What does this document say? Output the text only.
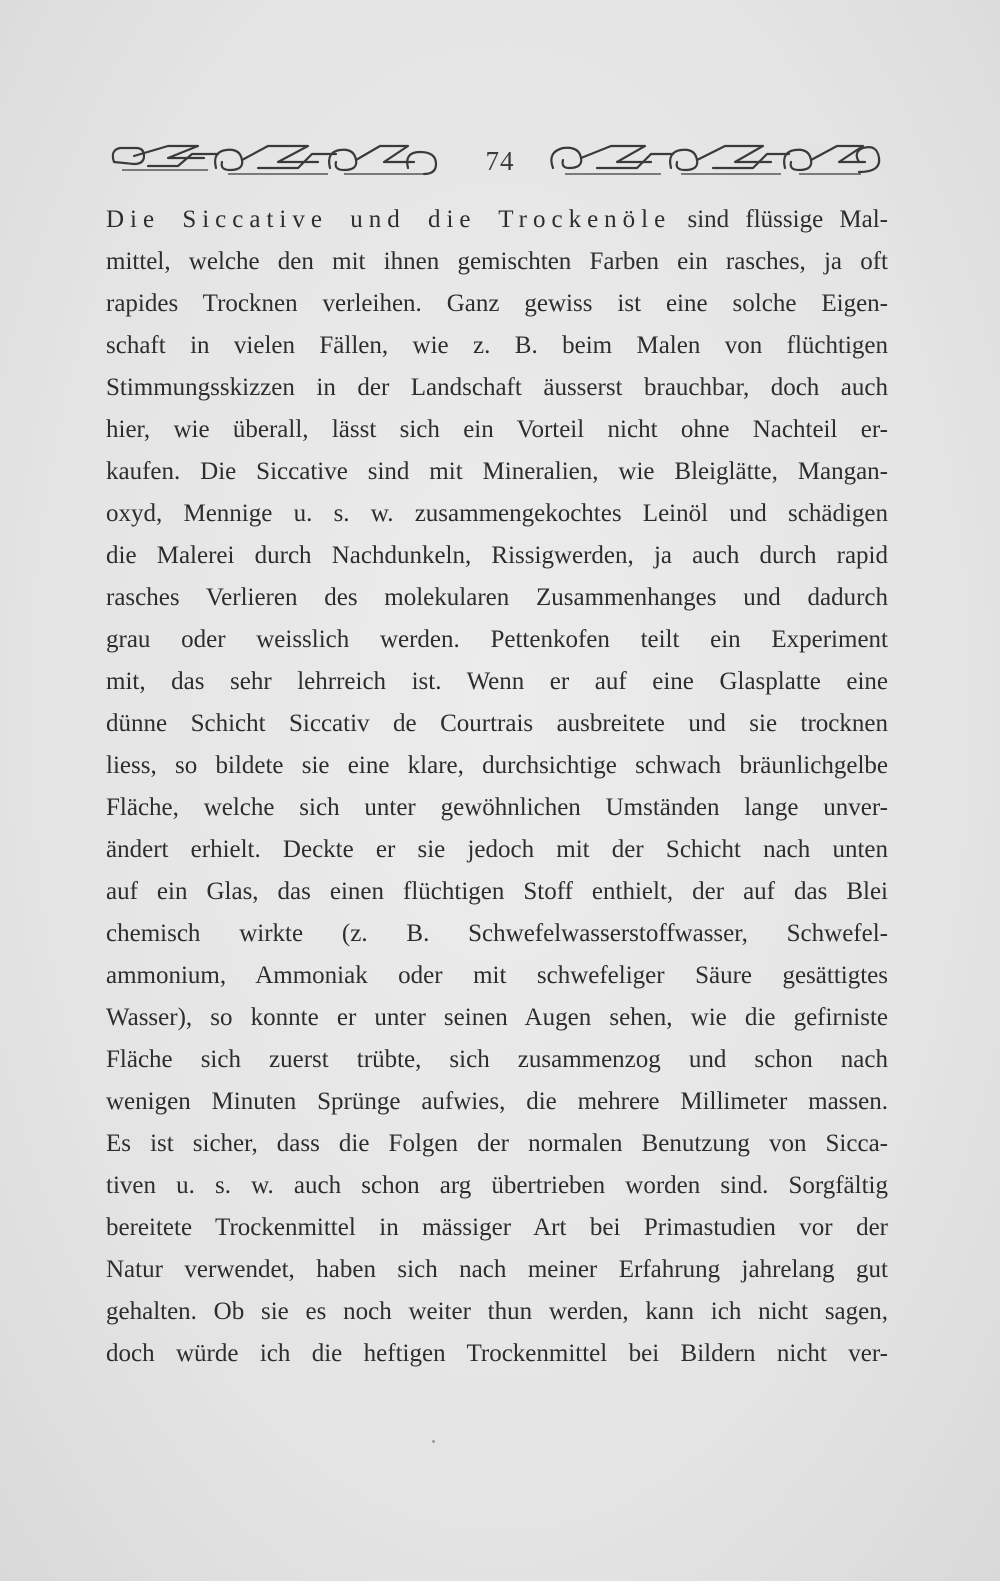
74
Die Siccative und die Trockenöle sind flüssige Mal-
mittel, welche den mit ihnen gemischten Farben ein rasches, ja oft
rapides Trocknen verleihen. Ganz gewiss ist eine solche Eigen-
schaft in vielen Fällen, wie z. B. beim Malen von flüchtigen
Stimmungsskizzen in der Landschaft äusserst brauchbar, doch auch
hier, wie überall, lässt sich ein Vorteil nicht ohne Nachteil er-
kaufen. Die Siccative sind mit Mineralien, wie Bleiglätte, Mangan-
oxyd, Mennige u. s. w. zusammengekochtes Leinöl und schädigen
die Malerei durch Nachdunkeln, Rissigwerden, ja auch durch rapid
rasches Verlieren des molekularen Zusammenhanges und dadurch
grau oder weisslich werden. Pettenkofen teilt ein Experiment
mit, das sehr lehrreich ist. Wenn er auf eine Glasplatte eine
dünne Schicht Siccativ de Courtrais ausbreitete und sie trocknen
liess, so bildete sie eine klare, durchsichtige schwach bräunlichgelbe
Fläche, welche sich unter gewöhnlichen Umständen lange unver-
ändert erhielt. Deckte er sie jedoch mit der Schicht nach unten
auf ein Glas, das einen flüchtigen Stoff enthielt, der auf das Blei
chemisch wirkte (z. B. Schwefelwasserstoffwasser, Schwefel-
ammonium, Ammoniak oder mit schwefeliger Säure gesättigtes
Wasser), so konnte er unter seinen Augen sehen, wie die gefirniste
Fläche sich zuerst trübte, sich zusammenzog und schon nach
wenigen Minuten Sprünge aufwies, die mehrere Millimeter massen.
Es ist sicher, dass die Folgen der normalen Benutzung von Sicca-
tiven u. s. w. auch schon arg übertrieben worden sind. Sorgfältig
bereitete Trockenmittel in mässiger Art bei Primastudien vor der
Natur verwendet, haben sich nach meiner Erfahrung jahrelang gut
gehalten. Ob sie es noch weiter thun werden, kann ich nicht sagen,
doch würde ich die heftigen Trockenmittel bei Bildern nicht ver-
